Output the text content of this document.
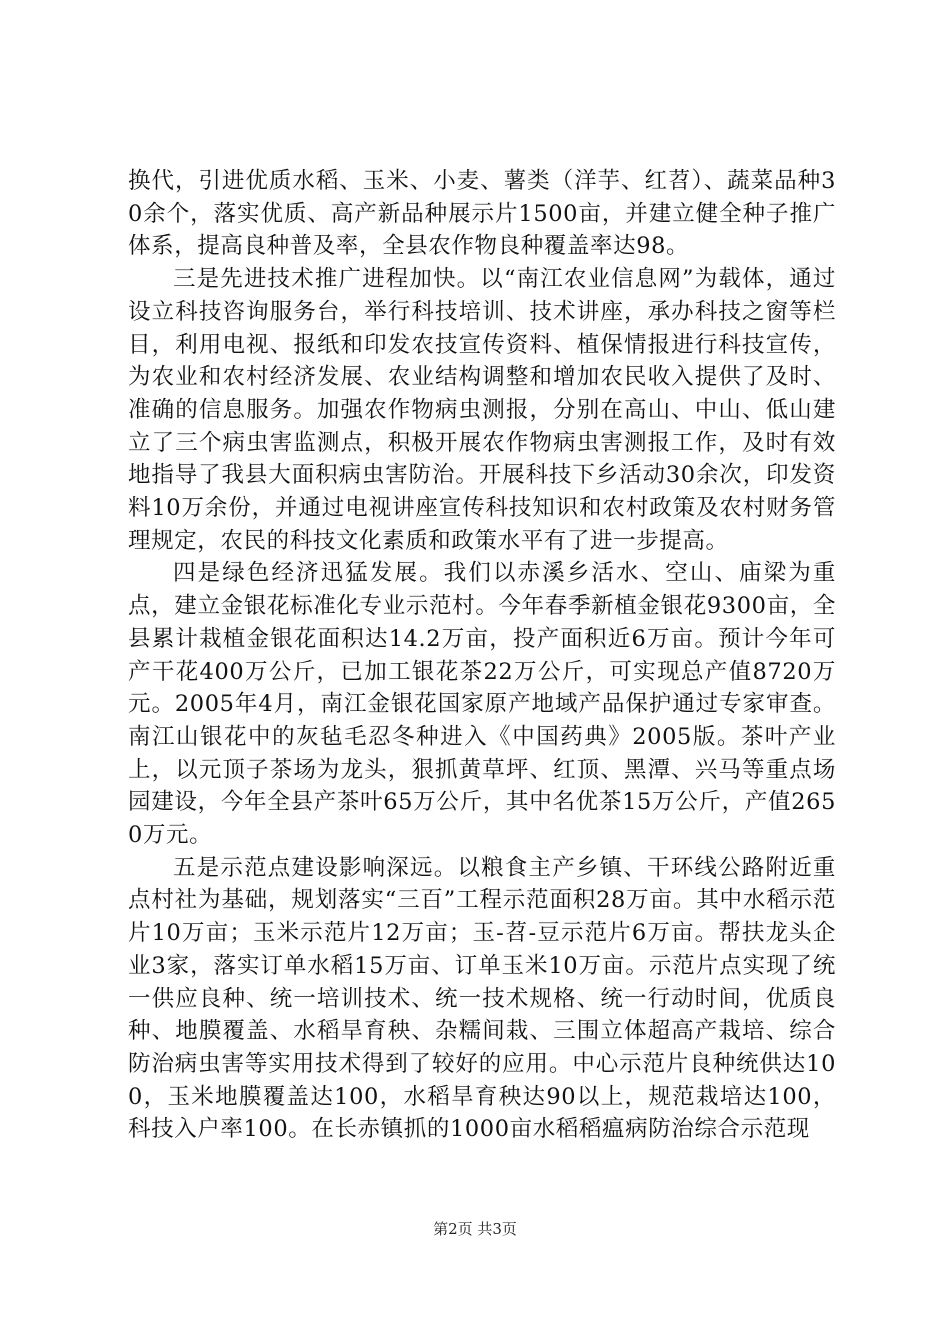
换代，引进优质水稻、玉米、小麦、薯类（洋芋、红苕）、蔬菜品种30余个，落实优质、高产新品种展示片1500亩，并建立健全种子推广体系，提高良种普及率，全县农作物良种覆盖率达98。

三是先进技术推广进程加快。以“南江农业信息网”为载体，通过设立科技咨询服务台，举行科技培训、技术讲座，承办科技之窗等栏目，利用电视、报纸和印发农技宣传资料、植保情报进行科技宣传，为农业和农村经济发展、农业结构调整和增加农民收入提供了及时、准确的信息服务。加强农作物病虫测报，分别在高山、中山、低山建立了三个病虫害监测点，积极开展农作物病虫害测报工作，及时有效地指导了我县大面积病虫害防治。开展科技下乡活动30余次，印发资料10万余份，并通过电视讲座宣传科技知识和农村政策及农村财务管理规定，农民的科技文化素质和政策水平有了进一步提高。

四是绿色经济迅猛发展。我们以赤溪乡活水、空山、庙梁为重点，建立金银花标准化专业示范村。今年春季新植金银花9300亩，全县累计栽植金银花面积达14.2万亩，投产面积近6万亩。预计今年可产干花400万公斤，已加工银花茶22万公斤，可实现总产值8720万元。2005年4月，南江金银花国家原产地域产品保护通过专家审查。南江山银花中的灰毡毛忍冬种进入《中国药典》2005版。茶叶产业上，以元顶子茶场为龙头，狠抓黄草坪、红顶、黑潭、兴马等重点场园建设，今年全县产茶叶65万公斤，其中名优茶15万公斤，产值2650万元。

五是示范点建设影响深远。以粮食主产乡镇、干环线公路附近重点村社为基础，规划落实“三百”工程示范面积28万亩。其中水稻示范片10万亩；玉米示范片12万亩；玉-苕-豆示范片6万亩。帮扶龙头企业3家，落实订单水稻15万亩、订单玉米10万亩。示范片点实现了统一供应良种、统一培训技术、统一技术规格、统一行动时间，优质良种、地膜覆盖、水稻旱育秧、杂糯间栽、三围立体超高产栽培、综合防治病虫害等实用技术得到了较好的应用。中心示范片良种统供达100，玉米地膜覆盖达100，水稻旱育秧达90以上，规范栽培达100，科技入户率100。在长赤镇抓的1000亩水稻稻瘟病防治综合示范现

第2页 共3页
